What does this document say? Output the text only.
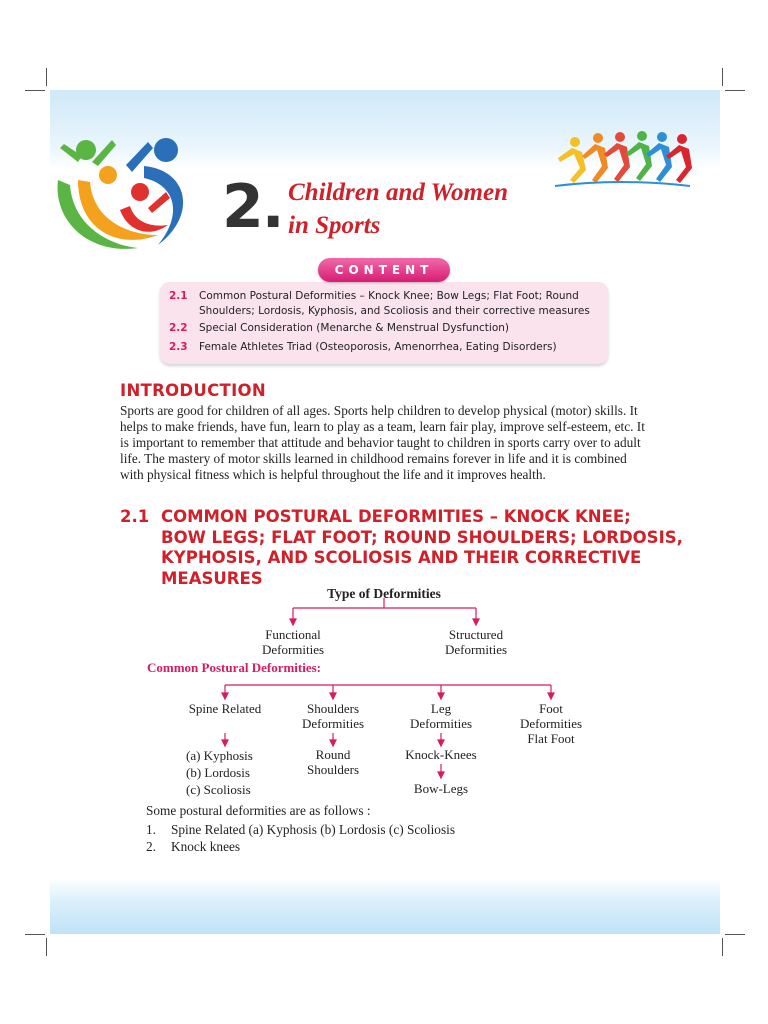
2. Children and Women
in Sports
CONTENT
2.1 Common Postural Deformities – Knock Knee; Bow Legs; Flat Foot; Round
Shoulders; Lordosis, Kyphosis, and Scoliosis and their corrective measures
2.2 Special Consideration (Menarche & Menstrual Dysfunction)
2.3 Female Athletes Triad (Osteoporosis, Amenorrhea, Eating Disorders)
INTRODUCTION

Sports are good for children of all ages. Sports help children to develop physical (motor) skills. It helps to make friends, have fun, learn to play as a team, learn fair play, improve self-esteem, etc. It is important to remember that attitude and behavior taught to children in sports carry over to adult life. The mastery of motor skills learned in childhood remains forever in life and it is combined with physical fitness which is helpful throughout the life and it improves health.

2.1 COMMON POSTURAL DEFORMITIES – KNOCK KNEE;
BOW LEGS; FLAT FOOT; ROUND SHOULDERS; LORDOSIS,
KYPHOSIS, AND SCOLIOSIS AND THEIR CORRECTIVE
MEASURES
Type of Deformities
Functional
Deformities
Structured
Deformities
Common Postural Deformities:
Spine Related	Shoulders
Deformities
Leg
Deformities
Foot
Deformities
Flat Foot
(a) Kyphosis
(b) Lordosis
(c) Scoliosis
Round
Shoulders
Knock-Knees
Bow-Legs
Some postural deformities are as follows :
1. Spine Related (a) Kyphosis (b) Lordosis (c) Scoliosis
2. Knock knees
